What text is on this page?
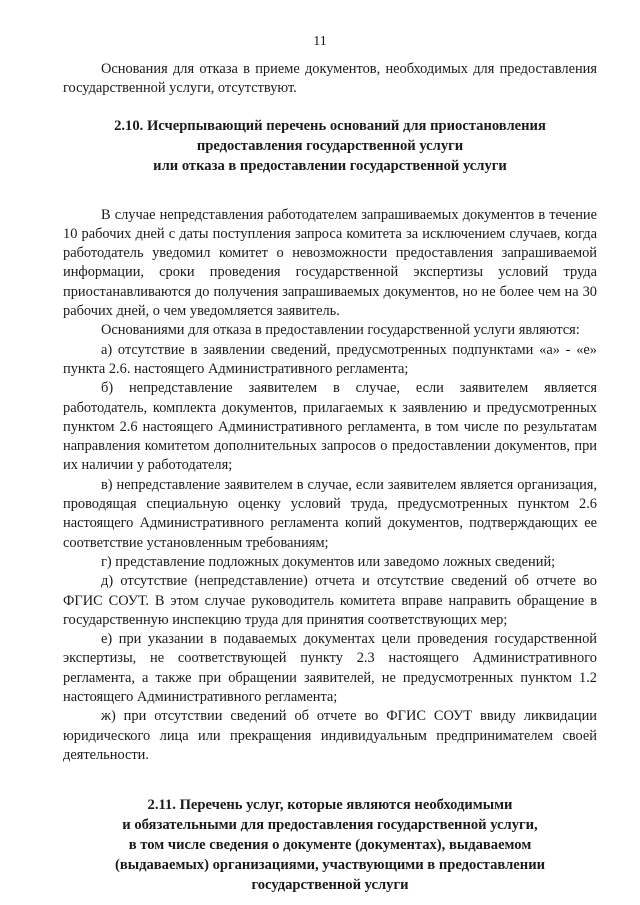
11

Основания для отказа в приеме документов, необходимых для предоставления государственной услуги, отсутствуют.

2.10. Исчерпывающий перечень оснований для приостановления
предоставления государственной услуги
или отказа в предоставлении государственной услуги

В случае непредставления работодателем запрашиваемых документов в течение 10 рабочих дней с даты поступления запроса комитета за исключением случаев, когда работодатель уведомил комитет о невозможности предоставления запрашиваемой информации, сроки проведения государственной экспертизы условий труда приостанавливаются до получения запрашиваемых документов, но не более чем на 30 рабочих дней, о чем уведомляется заявитель.

Основаниями для отказа в предоставлении государственной услуги являются:

а) отсутствие в заявлении сведений, предусмотренных подпунктами «а» - «е» пункта 2.6. настоящего Административного регламента;

б) непредставление заявителем в случае, если заявителем является работодатель, комплекта документов, прилагаемых к заявлению и предусмотренных пунктом 2.6 настоящего Административного регламента, в том числе по результатам направления комитетом дополнительных запросов о предоставлении документов, при их наличии у работодателя;

в) непредставление заявителем в случае, если заявителем является организация, проводящая специальную оценку условий труда, предусмотренных пунктом 2.6 настоящего Административного регламента копий документов, подтверждающих ее соответствие установленным требованиям;

г) представление подложных документов или заведомо ложных сведений;

д) отсутствие (непредставление) отчета и отсутствие сведений об отчете во ФГИС СОУТ. В этом случае руководитель комитета вправе направить обращение в государственную инспекцию труда для принятия соответствующих мер;

е) при указании в подаваемых документах цели проведения государственной экспертизы, не соответствующей пункту 2.3 настоящего Административного регламента, а также при обращении заявителей, не предусмотренных пунктом 1.2 настоящего Административного регламента;

ж) при отсутствии сведений об отчете во ФГИС СОУТ ввиду ликвидации юридического лица или прекращения индивидуальным предпринимателем своей деятельности.

2.11. Перечень услуг, которые являются необходимыми
и обязательными для предоставления государственной услуги,
в том числе сведения о документе (документах), выдаваемом
(выдаваемых) организациями, участвующими в предоставлении
государственной услуги
